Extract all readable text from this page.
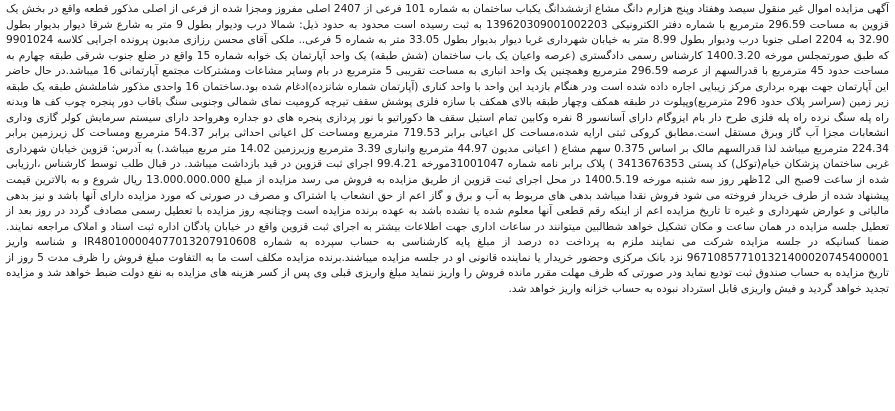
آگهی مزایده اموال غیر منقول سیصد وهفتاد وپنج هزارم دانگ مشاع ازششدانگ یکباب ساختمان به شماره 101 فرعی از 2407 اصلی مفروز ومجزا شده از فرعی از اصلی مذکور قطعه واقع در بخش یک قزوین به مساحت 296.59 مترمربع با شماره دفتر الکترونیکی 139620309001002203 به ثبت رسیده است محدود به حدود ذیل: شمالا درب ودیوار بطول 9 متر به شارع شرقا دیوار بدیوار بطول 32.90 به 2204 اصلی جنوبا درب ودیوار بطول 8.99 متر به خیابان شهرداری غربا دیوار بدیوار بطول 33.05 متر به شماره 5 فرعی.. ملکی آقای محسن رزازی مدیون پرونده اجرایی کلاسه 9901024 که طبق صورتمجلس مورخه 1400.3.20 کارشناس رسمی دادگستری (عرصه واعیان یک باب ساختمان (شش طبقه) یک واحد آپارتمان یک خوابه شماره 15 واقع در ضلع جنوب شرقی طبقه چهارم به مساحت حدود 45 مترمربع با قدرالسهم از عرصه 296.59 مترمربع وهمچنین یک واحد انباری به مساحت تقریبی 5 مترمربع در بام وسایر مشاعات ومشترکات مجتمع آپارتمانی 16 میباشد.در حال حاضر این آپارتمان جهت بهره برداری مرکز زیبایی اجاره داده شده است ودر هنگام بازدید این واحد با واحد کناری (آپارتمان شماره شانزده)ادغام شده بود.ساختمان 16 واحدی مذکور شاملشش طبقه یک طبقه زیر زمین (سراسر پلاک حدود 296 مترمربع)وپیلوت در طبقه همکف وچهار طبقه بالای همکف با سازه فلزی پوشش سقف تیرچه کرومیت نمای شمالی وجنوبی سنگ باقاب دور پنجره چوب کف ها وبدنه راه پله سنگ نرده راه پله فلزی طرح دار بام ایزوگام دارای آسانسور 8 نفره وکابین تمام استیل سقف ها دکوراتیو با نور پردازی پنجره های دو جداره وهرواحد دارای سیستم سرمایش کولر گازی وداری انشعابات مجزا آب گاز وبرق مستقل است.مطابق کروکی ثبتی ارایه شده،مساحت کل اعیانی برابر 719.53 مترمربع ومساحت کل اعیانی احداثی برابر 54.37 مترمربع ومساحت کل زیرزمین برابر 224.34 مترمربع میباشد لذا قدرالسهم مالک بر اساس 0.375 سهم مشاع ( اعیانی مدیون 44.97 مترمربع وانباری 3.39 مترمربع وزیرزمین 14.02 متر مربع میباشد.) به آدرس: قزوین خیابان شهرداری غربی ساختمان پزشکان خیام(توکل) کد پستی 3413676353 ) پلاک برابر نامه شماره 31001047مورخه 99.4.21 اجرای ثبت قزوین در قید بازداشت میباشد. در قبال طلب توسط کارشناس ،ارزیابی شده از ساعت 9صبح الی 12ظهر روز سه شنبه مورخه 1400.5.19 در محل اجرای ثبت قزوین از طریق مزایده به فروش می رسد مزایده از مبلغ 13.000.000.000 ریال شروع و به بالاترین قیمت پیشنهاد شده از طرف خریدار فروخته می شود فروش نقدا میباشد بدهی های مربوط به آب و برق و گاز اعم از حق انشعاب یا اشتراک و مصرف در صورتی که مورد مزایده دارای آنها باشد و نیز بدهی مالیاتی و عوارض شهرداری و غیره تا تاریخ مزایده اعم از اینکه رقم قطعی آنها معلوم شده یا نشده باشد به عهده برنده مزایده است وچنانچه روز مزایده با تعطیل رسمی مصادف گردد در روز بعد از تعطیل جلسه مزایده در همان ساعت و مکان تشکیل خواهد شطالبین میتوانند در ساعات اداری جهت اطلاعات بیشتر به اجرای ثبت قزوین واقع در خیابان پادگان اداره ثبت اسناد و املاک مراجعه نمایند. ضمنا کسانیکه در جلسه مزایده شرکت می نمایند ملزم به پرداخت ده درصد از مبلغ پایه کارشناسی به حساب سپرده به شماره IR480100004077013207910608 و شناسه واریز 967108577101321400020745400001 نزد بانک مرکزی وحضور خریدار یا نماینده قانونی او در جلسه مزایده میباشند.برنده مزایده مکلف است ما به التفاوت مبلغ فروش را ظرف مدت 5 روز از تاریخ مزایده به حساب صندوق ثبت تودیع نماید ودر صورتی که ظرف مهلت مقرر مانده فروش را واریز ننماید مبلغ واریزی قبلی وی پس از کسر هزینه های مزایده به نفع دولت ضبط خواهد شد و مزایده تجدید خواهد گردید و فیش واریزی قابل استرداد نبوده به حساب خزانه واریز خواهد شد.
